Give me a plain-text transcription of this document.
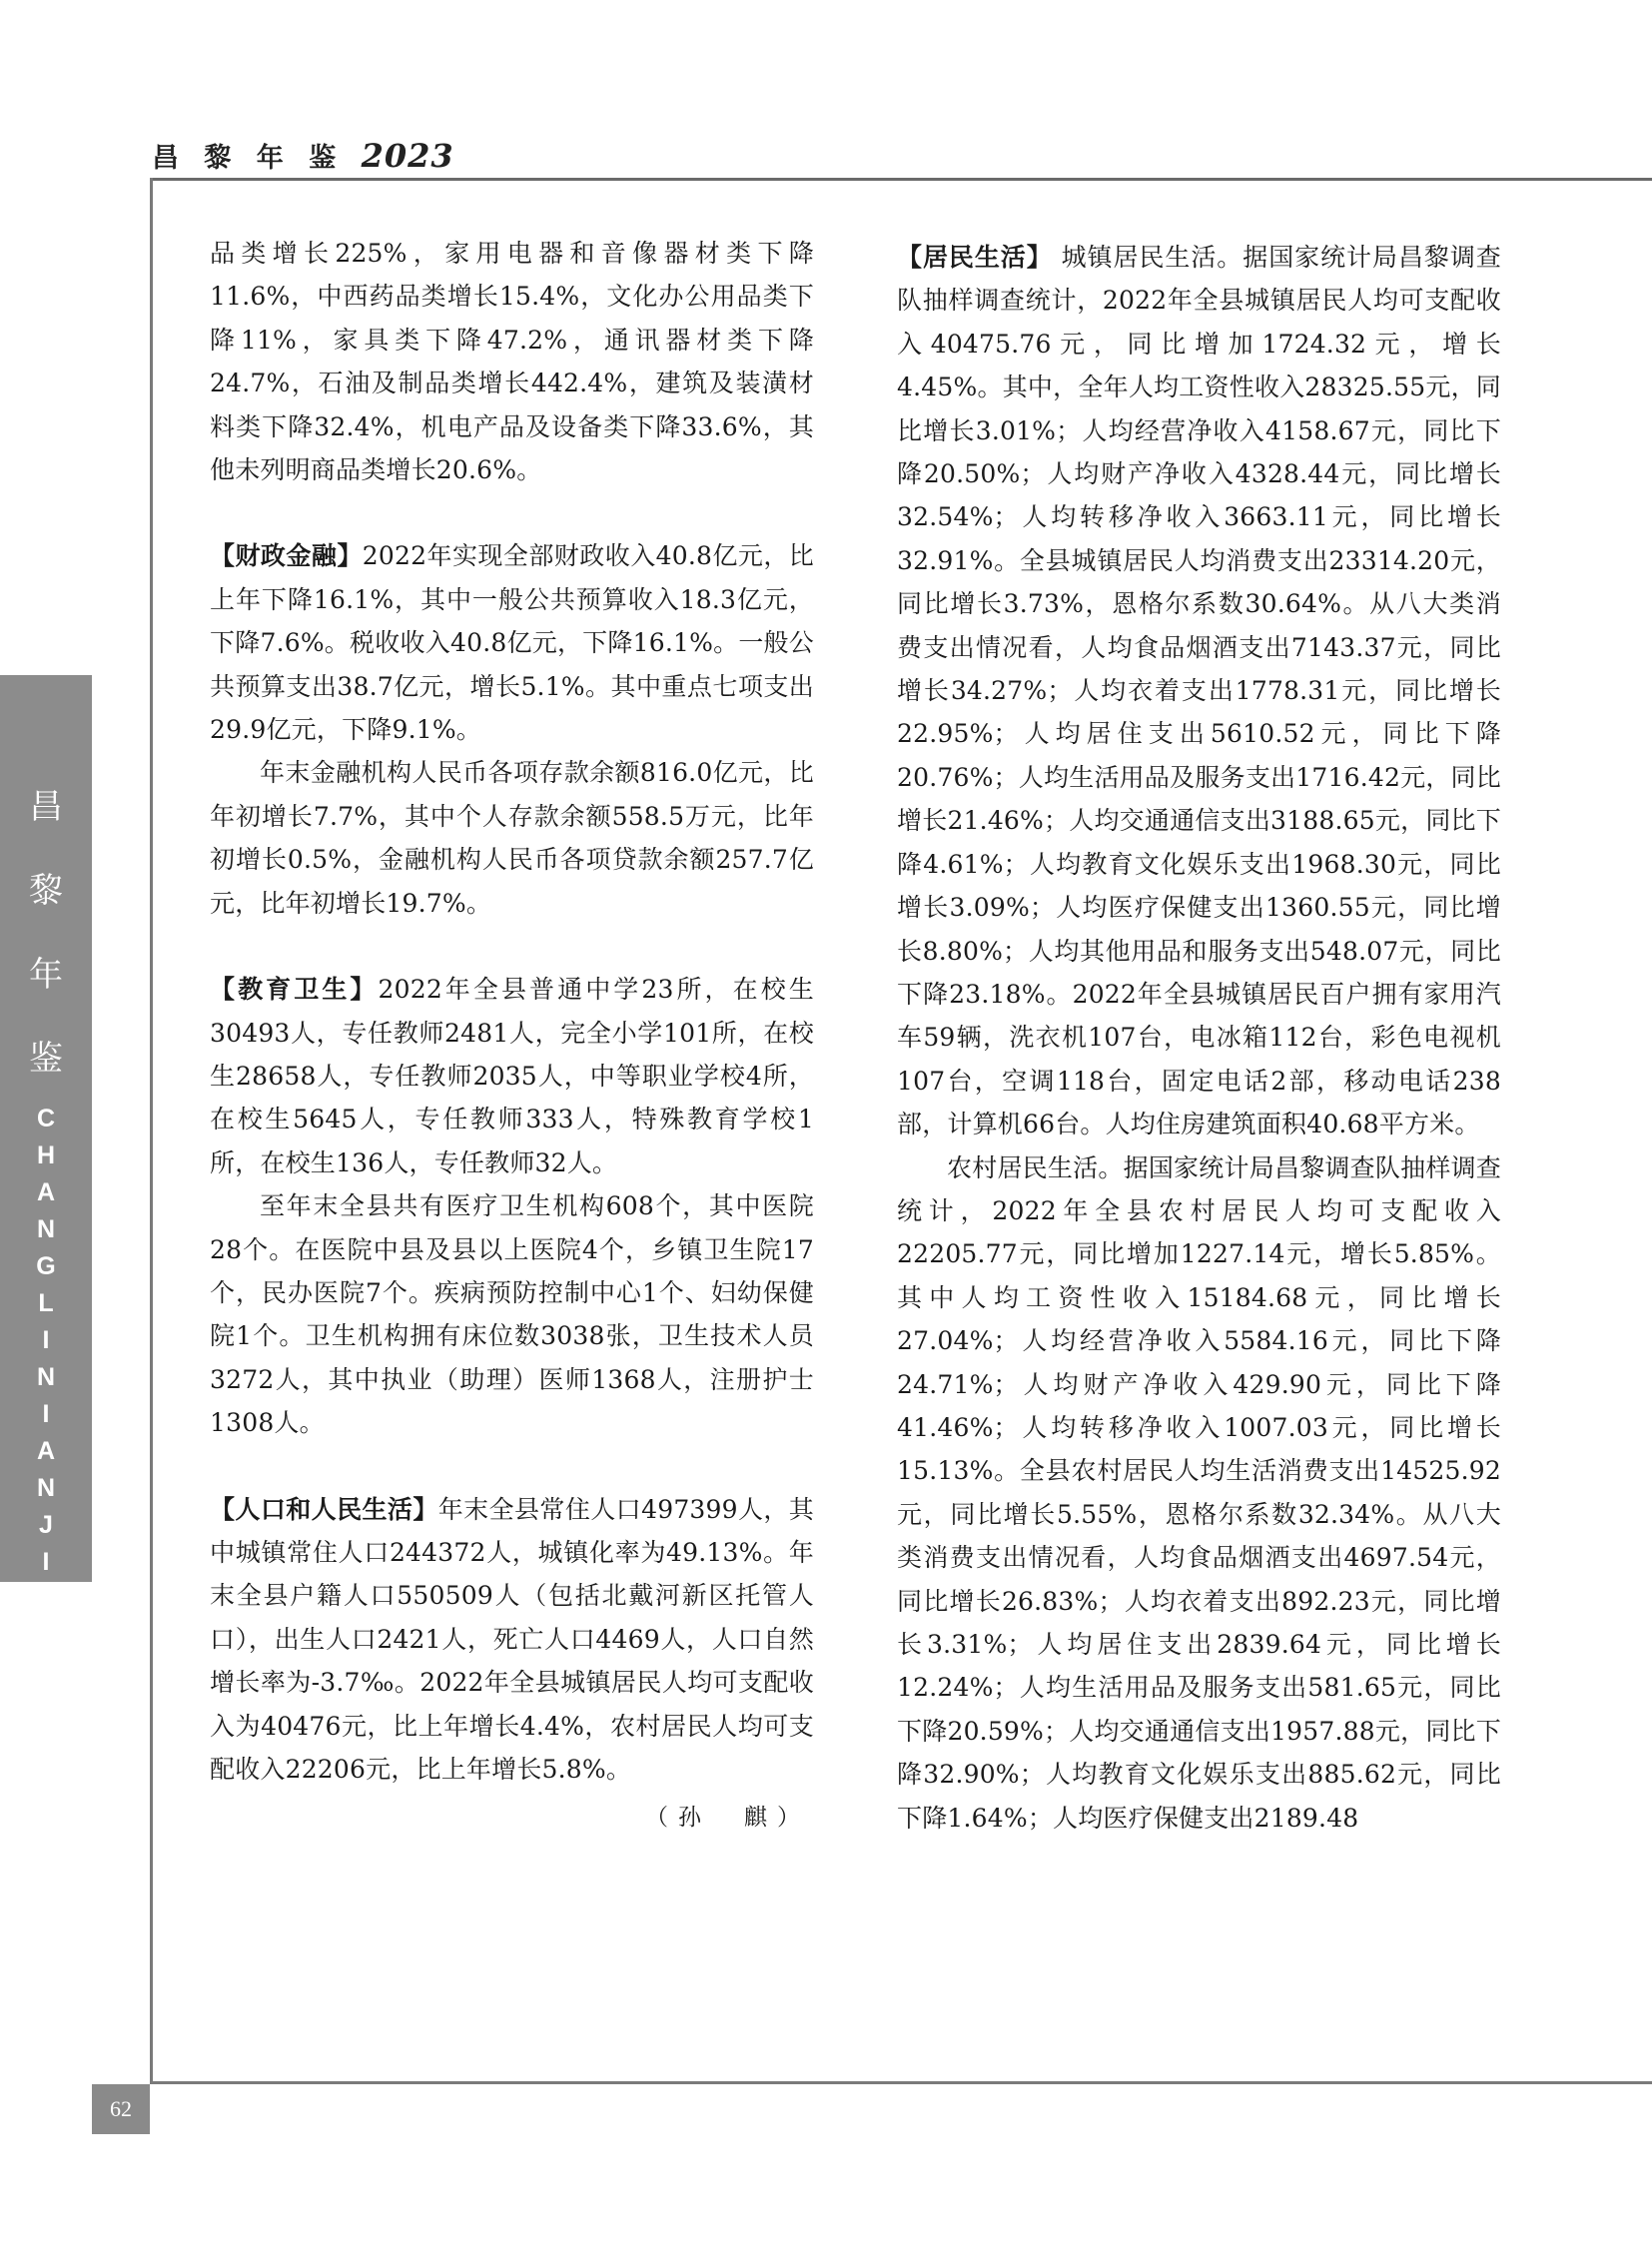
昌 黎 年 鉴 2023
昌
黎
年
鉴
C
H
A
N
G
L
I
N
I
A
N
J
I
A
N
62

品类增长225%，家用电器和音像器材类下降11.6%，中西药品类增长15.4%，文化办公用品类下降11%，家具类下降47.2%，通讯器材类下降24.7%，石油及制品类增长442.4%，建筑及装潢材料类下降32.4%，机电产品及设备类下降33.6%，其他未列明商品类增长20.6%。

【财政金融】2022年实现全部财政收入40.8亿元，比上年下降16.1%，其中一般公共预算收入18.3亿元，下降7.6%。税收收入40.8亿元，下降16.1%。一般公共预算支出38.7亿元，增长5.1%。其中重点七项支出29.9亿元，下降9.1%。

年末金融机构人民币各项存款余额816.0亿元，比年初增长7.7%，其中个人存款余额558.5万元，比年初增长0.5%，金融机构人民币各项贷款余额257.7亿元，比年初增长19.7%。

【教育卫生】2022年全县普通中学23所，在校生30493人，专任教师2481人，完全小学101所，在校生28658人，专任教师2035人，中等职业学校4所，在校生5645人，专任教师333人，特殊教育学校1所，在校生136人，专任教师32人。

至年末全县共有医疗卫生机构608个，其中医院28个。在医院中县及县以上医院4个，乡镇卫生院17个，民办医院7个。疾病预防控制中心1个、妇幼保健院1个。卫生机构拥有床位数3038张，卫生技术人员3272人，其中执业（助理）医师1368人，注册护士1308人。

【人口和人民生活】年末全县常住人口497399人，其中城镇常住人口244372人，城镇化率为49.13%。年末全县户籍人口550509人（包括北戴河新区托管人口），出生人口2421人，死亡人口4469人，人口自然增长率为-3.7‰。2022年全县城镇居民人均可支配收入为40476元，比上年增长4.4%，农村居民人均可支配收入22206元，比上年增长5.8%。

（孙　麒）

【居民生活】 城镇居民生活。据国家统计局昌黎调查队抽样调查统计，2022年全县城镇居民人均可支配收入40475.76元，同比增加1724.32元，增长4.45%。其中，全年人均工资性收入28325.55元，同比增长3.01%；人均经营净收入4158.67元，同比下降20.50%；人均财产净收入4328.44元，同比增长32.54%；人均转移净收入3663.11元，同比增长32.91%。全县城镇居民人均消费支出23314.20元，同比增长3.73%，恩格尔系数30.64%。从八大类消费支出情况看，人均食品烟酒支出7143.37元，同比增长34.27%；人均衣着支出1778.31元，同比增长22.95%；人均居住支出5610.52元，同比下降20.76%；人均生活用品及服务支出1716.42元，同比增长21.46%；人均交通通信支出3188.65元，同比下降4.61%；人均教育文化娱乐支出1968.30元，同比增长3.09%；人均医疗保健支出1360.55元，同比增长8.80%；人均其他用品和服务支出548.07元，同比下降23.18%。2022年全县城镇居民百户拥有家用汽车59辆，洗衣机107台，电冰箱112台，彩色电视机107台，空调118台，固定电话2部，移动电话238部，计算机66台。人均住房建筑面积40.68平方米。

农村居民生活。据国家统计局昌黎调查队抽样调查统计，2022年全县农村居民人均可支配收入22205.77元，同比增加1227.14元，增长5.85%。其中人均工资性收入15184.68元，同比增长27.04%；人均经营净收入5584.16元，同比下降24.71%；人均财产净收入429.90元，同比下降41.46%；人均转移净收入1007.03元，同比增长15.13%。全县农村居民人均生活消费支出14525.92元，同比增长5.55%，恩格尔系数32.34%。从八大类消费支出情况看，人均食品烟酒支出4697.54元，同比增长26.83%；人均衣着支出892.23元，同比增长3.31%；人均居住支出2839.64元，同比增长12.24%；人均生活用品及服务支出581.65元，同比下降20.59%；人均交通通信支出1957.88元，同比下降32.90%；人均教育文化娱乐支出885.62元，同比下降1.64%；人均医疗保健支出2189.48
